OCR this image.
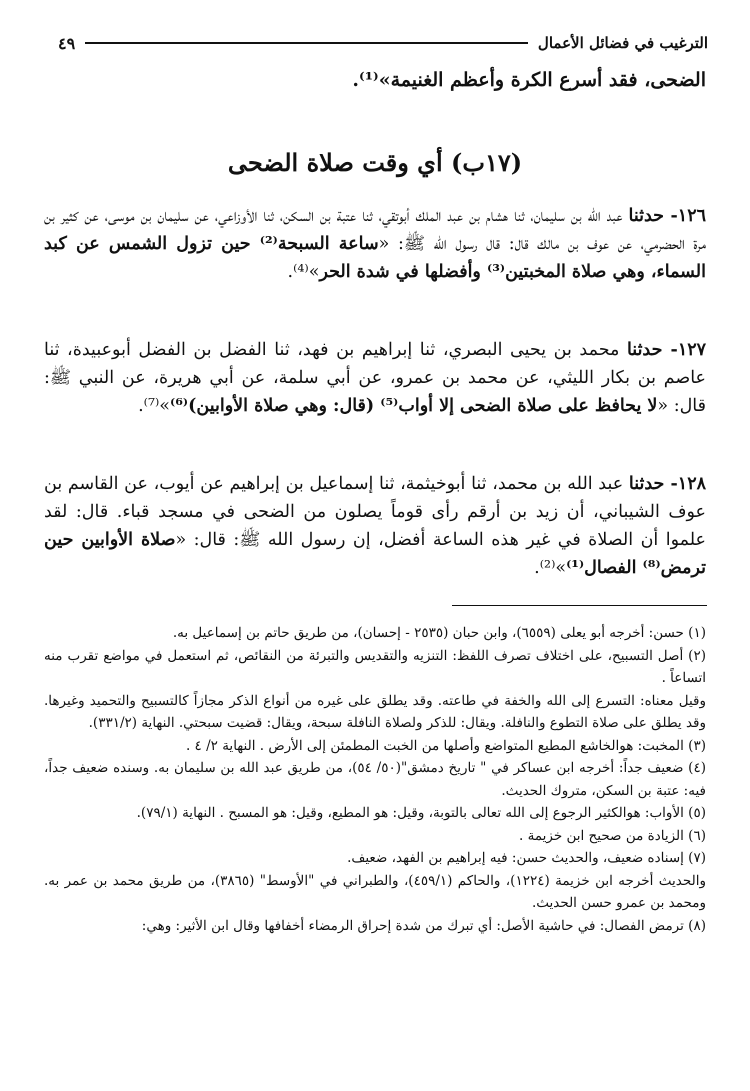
الترغيب في فضائل الأعمال
٤٩

الضحى، فقد أسرع الكرة وأعظم الغنيمة»⁽¹⁾.

(١٧ب) أي وقت صلاة الضحى

١٢٦- حدثنا عبد الله بن سليمان، ثنا هشام بن عبد الملك أبوتقي، ثنا عتبة بن السكن، ثنا الأوزاعي، عن سليمان بن موسى، عن كثير بن مرة الحضرمي، عن عوف بن مالك قال: قال رسول الله ﷺ: «ساعة السبحة⁽²⁾ حين تزول الشمس عن كبد السماء، وهي صلاة المخبتين⁽³⁾ وأفضلها في شدة الحر»⁽⁴⁾.

١٢٧- حدثنا محمد بن يحيى البصري، ثنا إبراهيم بن فهد، ثنا الفضل بن الفضل أبوعبيدة، ثنا عاصم بن بكار الليثي، عن محمد بن عمرو، عن أبي سلمة، عن أبي هريرة، عن النبي ﷺ: قال: «لا يحافظ على صلاة الضحى إلا أواب⁽⁵⁾ (قال: وهي صلاة الأوابين)⁽⁶⁾»⁽⁷⁾.

١٢٨- حدثنا عبد الله بن محمد، ثنا أبوخيثمة، ثنا إسماعيل بن إبراهيم عن أيوب، عن القاسم بن عوف الشيباني، أن زيد بن أرقم رأى قوماً يصلون من الضحى في مسجد قباء. قال: لقد علموا أن الصلاة في غير هذه الساعة أفضل، إن رسول الله ﷺ: قال: «صلاة الأوابين حين ترمض⁽⁸⁾ الفصال⁽¹⁾»⁽²⁾.

(١) حسن: أخرجه أبو يعلى (٦٥٥٩)، وابن حبان (٢٥٣٥ - إحسان)، من طريق حاتم بن إسماعيل به.

(٢) أصل التسبيح، على اختلاف تصرف اللفظ: التنزيه والتقديس والتبرئة من النقائص، ثم استعمل في مواضع تقرب منه اتساعاً .

وقيل معناه: التسرع إلى الله والخفة في طاعته. وقد يطلق على غيره من أنواع الذكر مجازاً كالتسبيح والتحميد وغيرها. وقد يطلق على صلاة التطوع والنافلة. ويقال: للذكر ولصلاة النافلة سبحة، ويقال: قضيت سبحتي. النهاية (٣٣١/٢).

(٣) المخبت: هوالخاشع المطيع المتواضع وأصلها من الخبت المطمئن إلى الأرض . النهاية ٢/ ٤ .

(٤) ضعيف جداً: أخرجه ابن عساكر في " تاريخ دمشق"(٥٠/ ٥٤)، من طريق عبد الله بن سليمان به. وسنده ضعيف جداً، فيه: عتبة بن السكن، متروك الحديث.

(٥) الأواب: هوالكثير الرجوع إلى الله تعالى بالتوبة، وقيل: هو المطيع، وقيل: هو المسبح . النهاية (٧٩/١).

(٦) الزيادة من صحيح ابن خزيمة .

(٧) إسناده ضعيف، والحديث حسن: فيه إبراهيم بن الفهد، ضعيف.

والحديث أخرجه ابن خزيمة (١٢٢٤)، والحاكم (٤٥٩/١)، والطبراني في "الأوسط" (٣٨٦٥)، من طريق محمد بن عمر به. ومحمد بن عمرو حسن الحديث.

(٨) ترمض الفصال: في حاشية الأصل: أي تبرك من شدة إحراق الرمضاء أخفافها وقال ابن الأثير: وهي:
